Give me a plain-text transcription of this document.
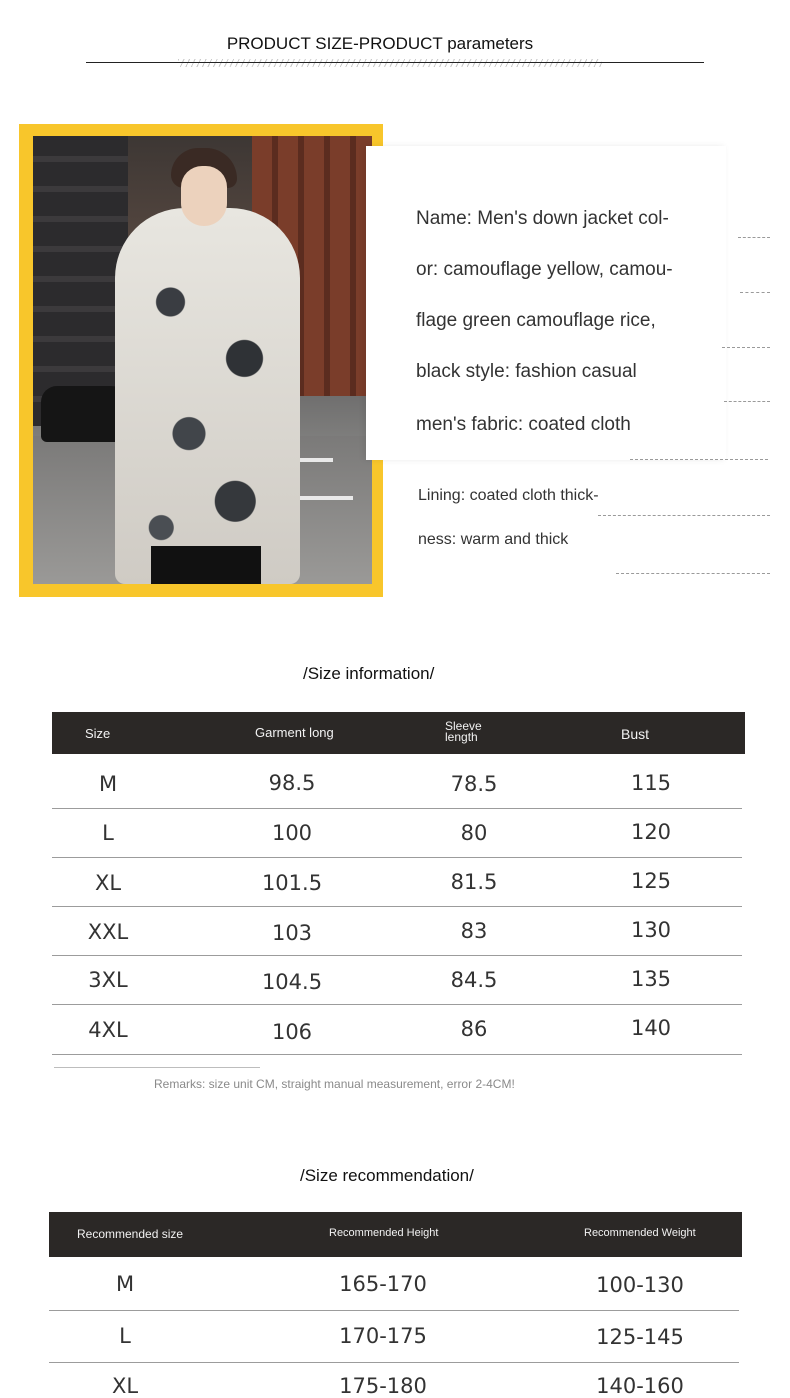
PRODUCT SIZE-PRODUCT parameters
Name: Men's down jacket col-
or: camouflage yellow, camou-
flage green camouflage rice,
black style: fashion casual
men's fabric: coated cloth
Lining: coated cloth thick-
ness: warm and thick
/Size information/
Size	Garment long	Sleeve
length	Bust
M	98.5	78.5	115
L	100	80	120
XL	101.5	81.5	125
XXL	103	83	130
3XL	104.5	84.5	135
4XL	106	86	140
Remarks: size unit CM, straight manual measurement, error 2-4CM!
/Size recommendation/
Recommended size	Recommended Height	Recommended Weight
M	165-170	100-130
L	170-175	125-145
XL	175-180	140-160
